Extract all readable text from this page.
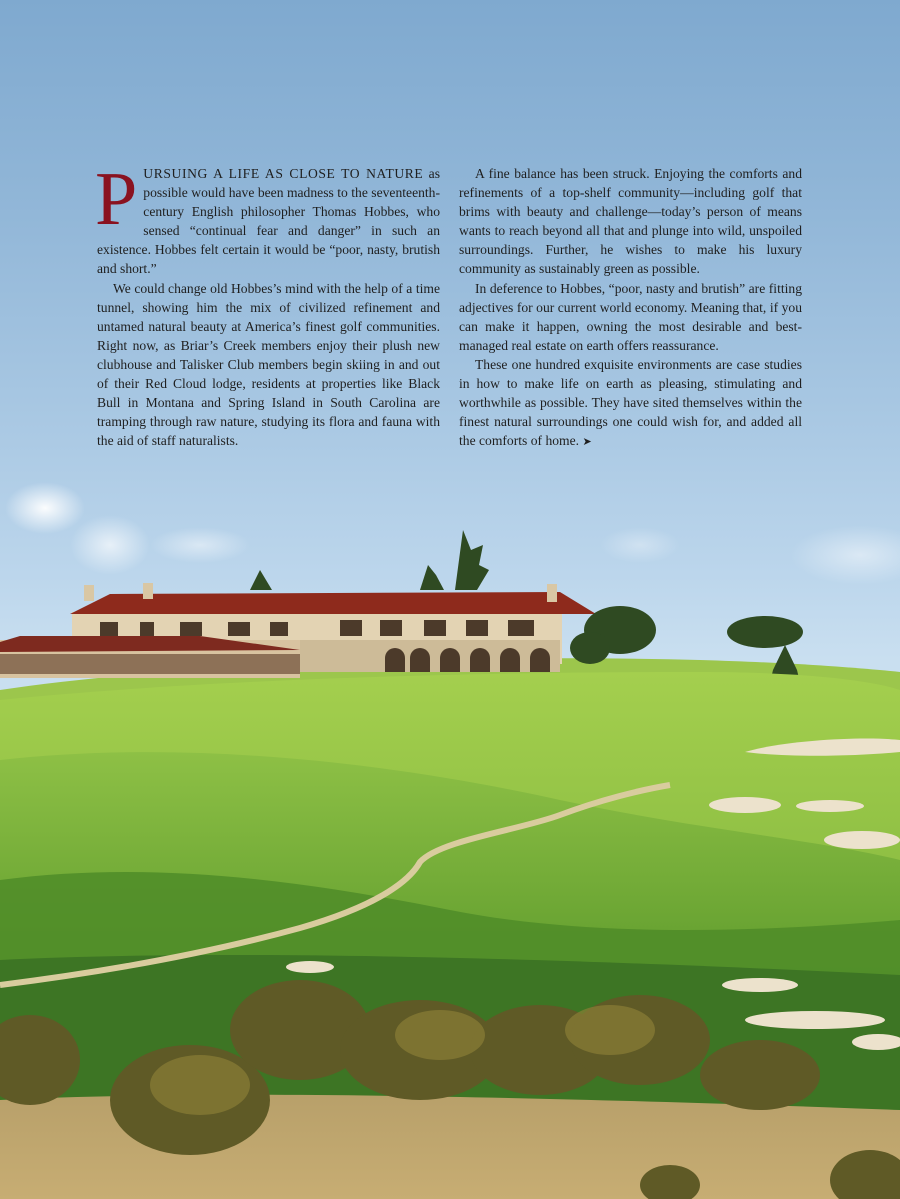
PURSUING A LIFE AS CLOSE TO NATURE as possible would have been madness to the seventeenth-century English philosopher Thomas Hobbes, who sensed “continual fear and danger” in such an existence. Hobbes felt certain it would be “poor, nasty, brutish and short.”

We could change old Hobbes’s mind with the help of a time tunnel, showing him the mix of civilized refinement and untamed natural beauty at America’s finest golf communities. Right now, as Briar’s Creek members enjoy their plush new clubhouse and Talisker Club members begin skiing in and out of their Red Cloud lodge, residents at properties like Black Bull in Montana and Spring Island in South Carolina are tramping through raw nature, studying its flora and fauna with the aid of staff naturalists.

A fine balance has been struck. Enjoying the comforts and refinements of a top-shelf community—including golf that brims with beauty and challenge—today’s person of means wants to reach beyond all that and plunge into wild, unspoiled surroundings. Further, he wishes to make his luxury community as sustainably green as possible.

In deference to Hobbes, “poor, nasty and brutish” are fitting adjectives for our current world economy. Meaning that, if you can make it happen, owning the most desirable and best-managed real estate on earth offers reassurance.

These one hundred exquisite environments are case studies in how to make life on earth as pleasing, stimulating and worthwhile as possible. They have sited themselves within the finest natural surroundings one could wish for, and added all the comforts of home. ➤
